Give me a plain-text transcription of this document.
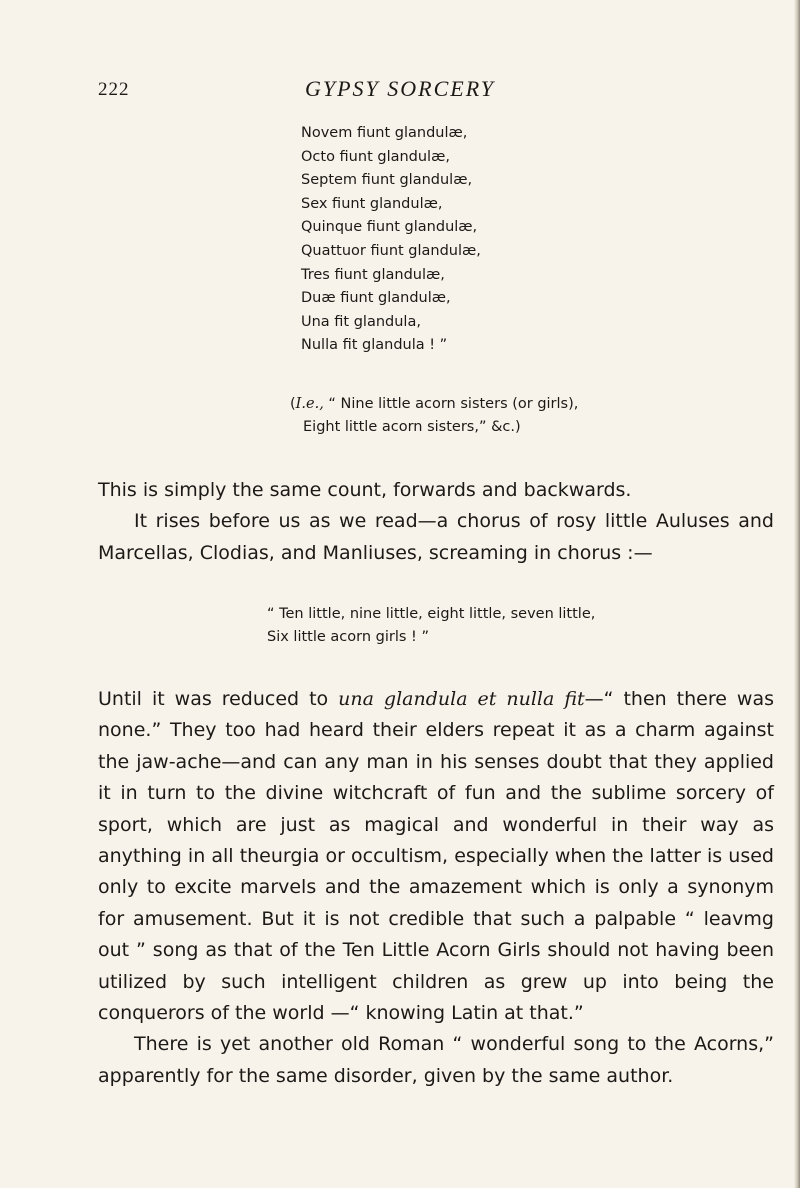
222	GYPSY SORCERY
Novem fiunt glandulæ,
Octo fiunt glandulæ,
Septem fiunt glandulæ,
Sex fiunt glandulæ,
Quinque fiunt glandulæ,
Quattuor fiunt glandulæ,
Tres fiunt glandulæ,
Duæ fiunt glandulæ,
Una fit glandula,
Nulla fit glandula ! ”
(I.e., “ Nine little acorn sisters (or girls),
Eight little acorn sisters,” &c.)

This is simply the same count, forwards and backwards.

It rises before us as we read—a chorus of rosy little Auluses and Marcellas, Clodias, and Manliuses, screaming in chorus :—

“ Ten little, nine little, eight little, seven little,
Six little acorn girls ! ”

Until it was reduced to una glandula et nulla fit—“ then there was none.” They too had heard their elders repeat it as a charm against the jaw-ache—and can any man in his senses doubt that they applied it in turn to the divine witchcraft of fun and the sublime sorcery of sport, which are just as magical and wonderful in their way as anything in all theurgia or occultism, especially when the latter is used only to excite marvels and the amazement which is only a synonym for amusement. But it is not credible that such a palpable “ leavmg out ” song as that of the Ten Little Acorn Girls should not having been utilized by such intelligent children as grew up into being the conquerors of the world —“ knowing Latin at that.”

There is yet another old Roman “ wonderful song to the Acorns,” apparently for the same disorder, given by the same author.
